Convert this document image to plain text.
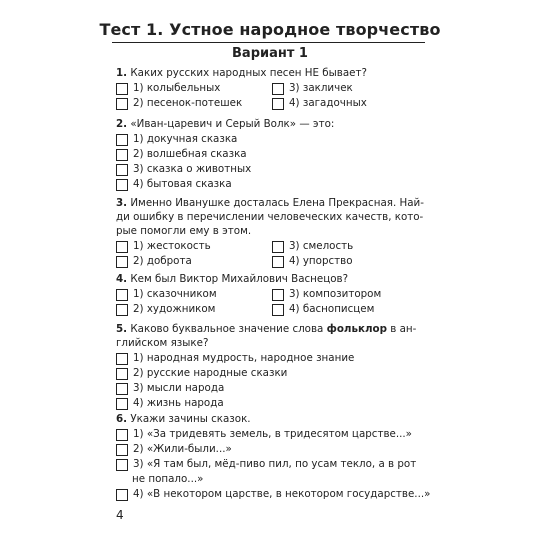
Тест 1. Устное народное творчество
Вариант 1
1. Каких русских народных песен НЕ бывает?
1) колыбельных	3) закличек
2) песенок-потешек	4) загадочных
2. «Иван-царевич и Серый Волк» — это:
1) докучная сказка
2) волшебная сказка
3) сказка о животных
4) бытовая сказка
3. Именно Иванушке досталась Елена Прекрасная. Най-
ди ошибку в перечислении человеческих качеств, кото-
рые помогли ему в этом.
1) жестокость	3) смелость
2) доброта	4) упорство
4. Кем был Виктор Михайлович Васнецов?
1) сказочником	3) композитором
2) художником	4) баснописцем
5. Каково буквальное значение слова фольклор в ан-
глийском языке?
1) народная мудрость, народное знание
2) русские народные сказки
3) мысли народа
4) жизнь народа
6. Укажи зачины сказок.
1) «За тридевять земель, в тридесятом царстве...»
2) «Жили-были...»
3) «Я там был, мёд-пиво пил, по усам текло, а в рот
не попало...»
4) «В некотором царстве, в некотором государстве...»
4
